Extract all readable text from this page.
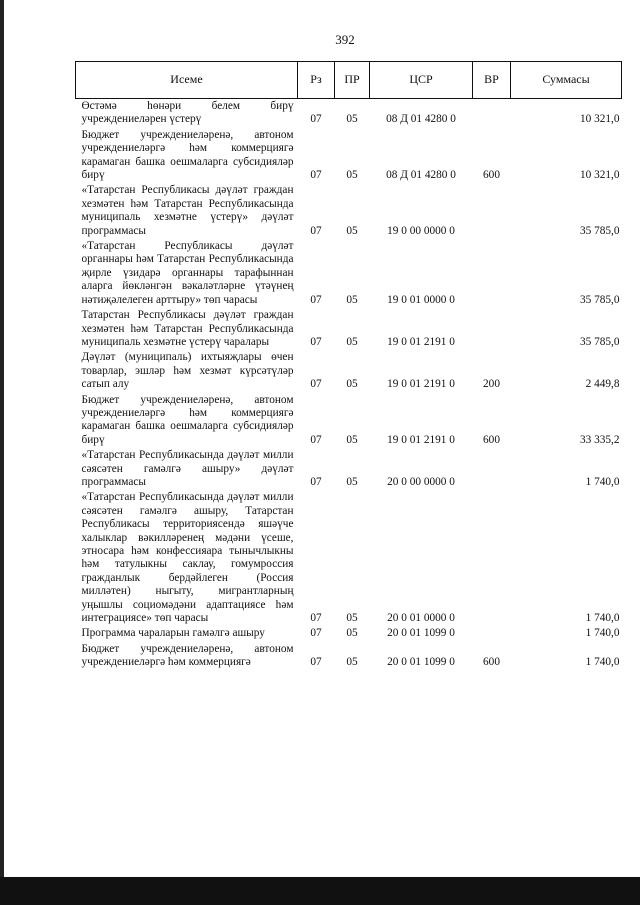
392
Исеме	Рз	ПР	ЦСР	ВР	Суммасы
Өстәмә һөнәри белем бирү учреждениеләрен үстерү	07	05	08 Д 01 4280 0		10 321,0
Бюджет учреждениеләренә, автоном учреждениеләргә һәм коммерциягә карамаган башка оешмаларга субсидияләр бирү	07	05	08 Д 01 4280 0	600	10 321,0
«Татарстан Республикасы дәүләт граждан хезмәтен һәм Татарстан Республикасында муниципаль хезмәтне үстерү» дәүләт программасы	07	05	19 0 00 0000 0		35 785,0
«Татарстан Республикасы дәүләт органнары һәм Татарстан Республикасында җирле үзидарә органнары тарафыннан аларга йөкләнгән вәкаләтләрне үтәүнең нәтиҗәлелеген арттыру» төп чарасы	07	05	19 0 01 0000 0		35 785,0
Татарстан Республикасы дәүләт граждан хезмәтен һәм Татарстан Республикасында муниципаль хезмәтне үстерү чаралары	07	05	19 0 01 2191 0		35 785,0
Дәүләт (муниципаль) ихтыяҗлары өчен товарлар, эшләр һәм хезмәт күрсәтүләр сатып алу	07	05	19 0 01 2191 0	200	2 449,8
Бюджет учреждениеләренә, автоном учреждениеләргә һәм коммерциягә карамаган башка оешмаларга субсидияләр бирү	07	05	19 0 01 2191 0	600	33 335,2
«Татарстан Республикасында дәүләт милли сәясәтен гамәлгә ашыру» дәүләт программасы	07	05	20 0 00 0000 0		1 740,0
«Татарстан Республикасында дәүләт милли сәясәтен гамәлгә ашыру, Татарстан Республикасы территориясендә яшәүче халыклар вәкилләренең мәдәни үсеше, этносара һәм конфессияара тынычлыкны һәм татулыкны саклау, гомумроссия гражданлык бердәйлеген (Россия милләтен) ныгыту, мигрантларның уңышлы социомәдәни адаптациясе һәм интеграциясе» төп чарасы	07	05	20 0 01 0000 0		1 740,0
Программа чараларын гамәлгә ашыру	07	05	20 0 01 1099 0		1 740,0
Бюджет учреждениеләренә, автоном учреждениеләргә һәм коммерциягә	07	05	20 0 01 1099 0	600	1 740,0
